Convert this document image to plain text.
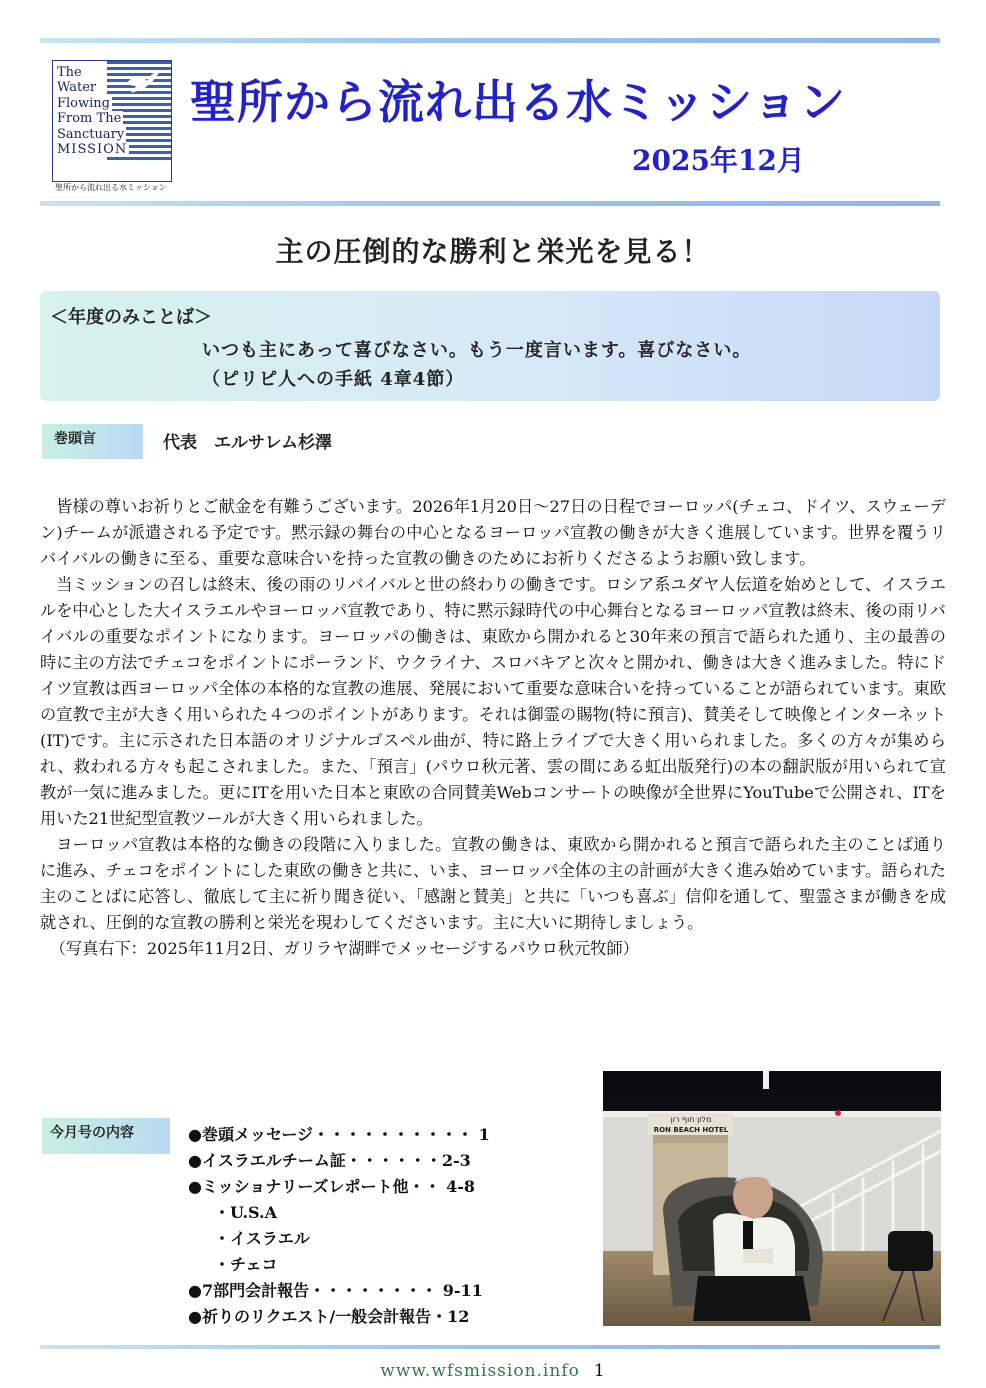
The
Water
Flowing
From The
Sanctuary
MISSION
聖所から流れ出る水ミッション
聖所から流れ出る水ミッション
2025年12月
主の圧倒的な勝利と栄光を見る！
＜年度のみことば＞
いつも主にあって喜びなさい。もう一度言います。喜びなさい。
（ピリピ人への手紙 4章4節）
巻頭言	代表　エルサレム杉澤

皆様の尊いお祈りとご献金を有難うございます。2026年1月20日～27日の日程でヨーロッパ(チェコ、ドイツ、スウェーデン)チームが派遣される予定です。黙示録の舞台の中心となるヨーロッパ宣教の働きが大きく進展しています。世界を覆うリバイバルの働きに至る、重要な意味合いを持った宣教の働きのためにお祈りくださるようお願い致します。

当ミッションの召しは終末、後の雨のリバイバルと世の終わりの働きです。ロシア系ユダヤ人伝道を始めとして、イスラエルを中心とした大イスラエルやヨーロッパ宣教であり、特に黙示録時代の中心舞台となるヨーロッパ宣教は終末、後の雨リバイバルの重要なポイントになります。ヨーロッパの働きは、東欧から開かれると30年来の預言で語られた通り、主の最善の時に主の方法でチェコをポイントにポーランド、ウクライナ、スロバキアと次々と開かれ、働きは大きく進みました。特にドイツ宣教は西ヨーロッパ全体の本格的な宣教の進展、発展において重要な意味合いを持っていることが語られています。東欧の宣教で主が大きく用いられた４つのポイントがあります。それは御霊の賜物(特に預言)、賛美そして映像とインターネット(IT)です。主に示された日本語のオリジナルゴスペル曲が、特に路上ライブで大きく用いられました。多くの方々が集められ、救われる方々も起こされました。また、「預言」(パウロ秋元著、雲の間にある虹出版発行)の本の翻訳版が用いられて宣教が一気に進みました。更にITを用いた日本と東欧の合同賛美Webコンサートの映像が全世界にYouTubeで公開され、ITを用いた21世紀型宣教ツールが大きく用いられました。

ヨーロッパ宣教は本格的な働きの段階に入りました。宣教の働きは、東欧から開かれると預言で語られた主のことば通りに進み、チェコをポイントにした東欧の働きと共に、いま、ヨーロッパ全体の主の計画が大きく進み始めています。語られた主のことばに応答し、徹底して主に祈り聞き従い、「感謝と賛美」と共に「いつも喜ぶ」信仰を通して、聖霊さまが働きを成就され、圧倒的な宣教の勝利と栄光を現わしてくださいます。主に大いに期待しましょう。

（写真右下：2025年11月2日、ガリラヤ湖畔でメッセージするパウロ秋元牧師）

今月号の内容	●巻頭メッセージ・・・・・・・・・・ 1
●イスラエルチーム証・・・・・・2-3
●ミッショナリーズレポート他・・ 4-8
・U.S.A
・イスラエル
・チェコ
●7部門会計報告・・・・・・・・ 9-11
●祈りのリクエスト/一般会計報告・12
מלון חוף רון
RON BEACH HOTEL
www.wfsmission.info 1
